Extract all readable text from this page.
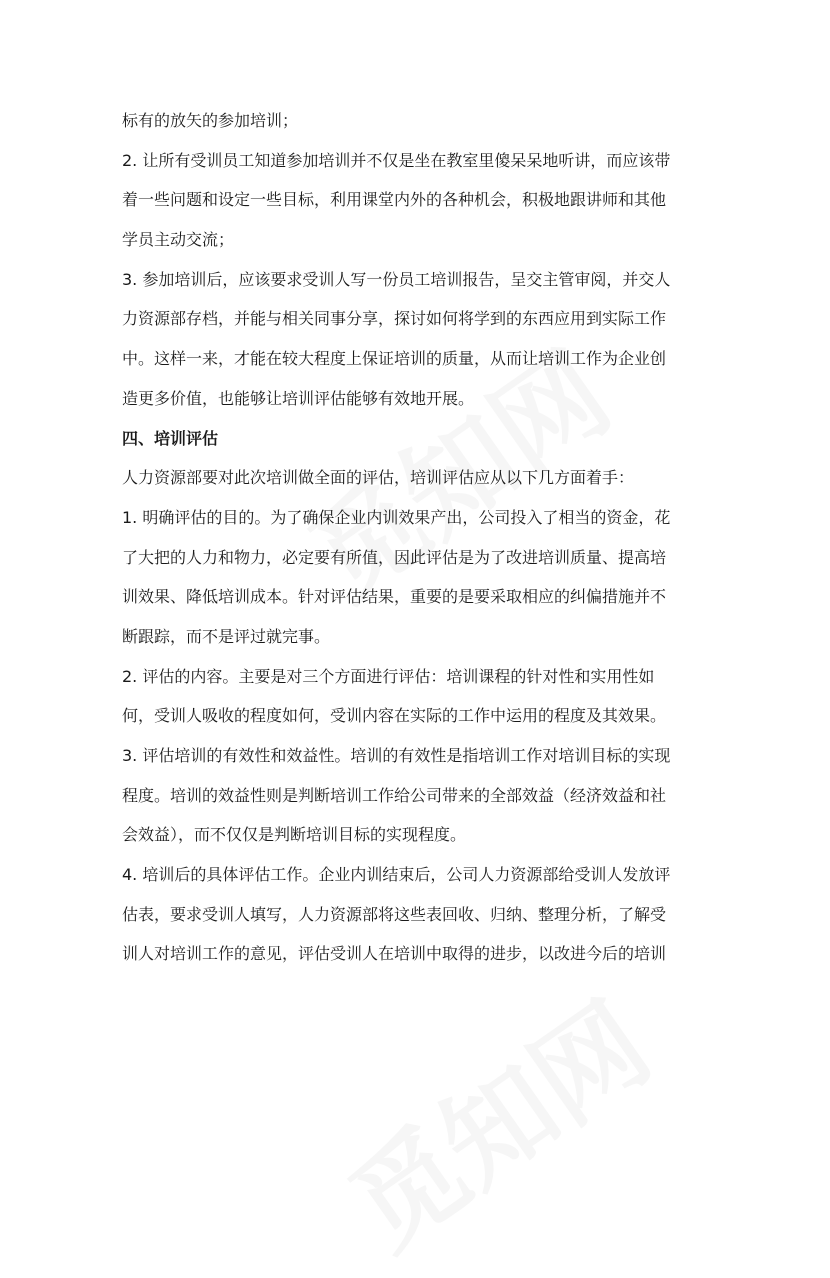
标有的放矢的参加培训；
2. 让所有受训员工知道参加培训并不仅是坐在教室里傻呆呆地听讲，而应该带
着一些问题和设定一些目标，利用课堂内外的各种机会，积极地跟讲师和其他
学员主动交流；
3. 参加培训后，应该要求受训人写一份员工培训报告，呈交主管审阅，并交人
力资源部存档，并能与相关同事分享，探讨如何将学到的东西应用到实际工作
中。这样一来，才能在较大程度上保证培训的质量，从而让培训工作为企业创
造更多价值，也能够让培训评估能够有效地开展。
四、培训评估
人力资源部要对此次培训做全面的评估，培训评估应从以下几方面着手：
1. 明确评估的目的。为了确保企业内训效果产出，公司投入了相当的资金，花
了大把的人力和物力，必定要有所值，因此评估是为了改进培训质量、提高培
训效果、降低培训成本。针对评估结果，重要的是要采取相应的纠偏措施并不
断跟踪，而不是评过就完事。
2. 评估的内容。主要是对三个方面进行评估：培训课程的针对性和实用性如
何，受训人吸收的程度如何，受训内容在实际的工作中运用的程度及其效果。
3. 评估培训的有效性和效益性。培训的有效性是指培训工作对培训目标的实现
程度。培训的效益性则是判断培训工作给公司带来的全部效益（经济效益和社
会效益），而不仅仅是判断培训目标的实现程度。
4. 培训后的具体评估工作。企业内训结束后，公司人力资源部给受训人发放评
估表，要求受训人填写，人力资源部将这些表回收、归纳、整理分析，了解受
训人对培训工作的意见，评估受训人在培训中取得的进步，以改进今后的培训
